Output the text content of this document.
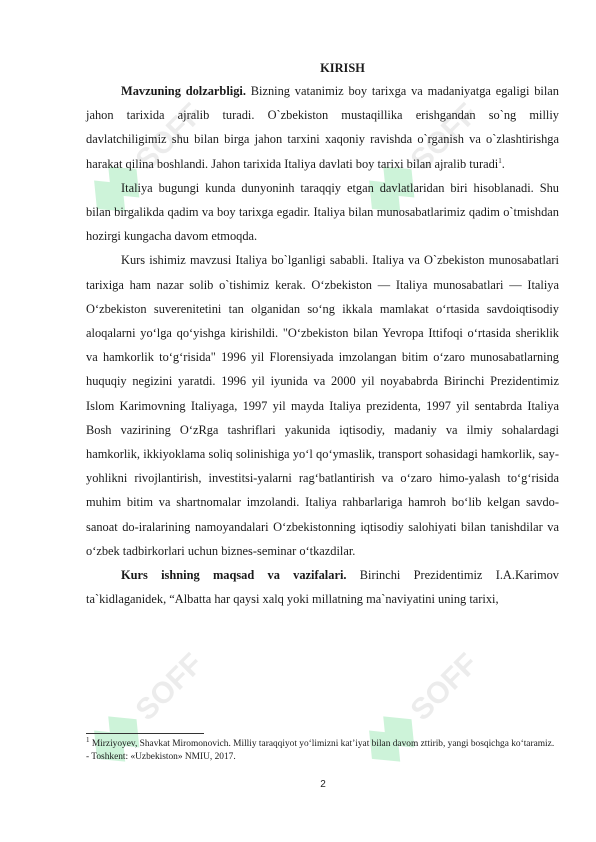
SOFF	SOFF
SOFF	SOFF
KIRISH

Mavzuning dolzarbligi. Bizning vatanimiz boy tarixga va madaniyatga egaligi bilan jahon tarixida ajralib turadi. O`zbekiston mustaqillika erishgandan so`ng milliy davlatchiligimiz shu bilan birga jahon tarxini xaqoniy ravishda o`rganish va o`zlashtirishga harakat qilina boshlandi. Jahon tarixida Italiya davlati boy tarixi bilan ajralib turadi$^1$.

Italiya bugungi kunda dunyoninh taraqqiy etgan davlatlaridan biri hisoblanadi. Shu bilan birgalikda qadim va boy tarixga egadir. Italiya bilan munosabatlarimiz qadim o`tmishdan hozirgi kungacha davom etmoqda.

Kurs ishimiz mavzusi Italiya bo`lganligi sababli. Italiya va O`zbekiston munosabatlari tarixiga ham nazar solib o`tishimiz kerak. O‘zbekiston — Italiya munosabatlari — Italiya O‘zbekiston suverenitetini tan olganidan so‘ng ikkala mamlakat o‘rtasida savdoiqtisodiy aloqalarni yo‘lga qo‘yishga kirishildi. "O‘zbekiston bilan Yevropa Ittifoqi o‘rtasida sheriklik va hamkorlik to‘g‘risida" 1996 yil Florensiyada imzolangan bitim o‘zaro munosabatlarning huquqiy negizini yaratdi. 1996 yil iyunida va 2000 yil noyababrda Birinchi Prezidentimiz Islom Karimovning Italiyaga, 1997 yil mayda Italiya prezidenta, 1997 yil sentabrda Italiya Bosh vazirining O‘zRga tashriflari yakunida iqtisodiy, madaniy va ilmiy sohalardagi hamkorlik, ikkiyoklama soliq solinishiga yo‘l qo‘ymaslik, transport sohasidagi hamkorlik, say-yohlikni rivojlantirish, investitsi-yalarni rag‘batlantirish va o‘zaro himo-yalash to‘g‘risida muhim bitim va shartnomalar imzolandi. Italiya rahbarlariga hamroh bo‘lib kelgan savdo-sanoat do-iralarining namoyandalari O‘zbekistonning iqtisodiy salohiyati bilan tanishdilar va o‘zbek tadbirkorlari uchun biznes-seminar o‘tkazdilar.

Kurs ishning maqsad va vazifalari. Birinchi Prezidentimiz I.A.Karimov ta`kidlaganidek, “Albatta har qaysi xalq yoki millatning ma`naviyatini uning tarixi,

$^1$ Mirziyoyev, Shavkat Miromonovich. Milliy taraqqiyot yo‘limizni kat’iyat bilan davom zttirib, yangi bosqichga ko‘taramiz. - Toshkent: «Uzbekiston» NMIU, 2017.
2
